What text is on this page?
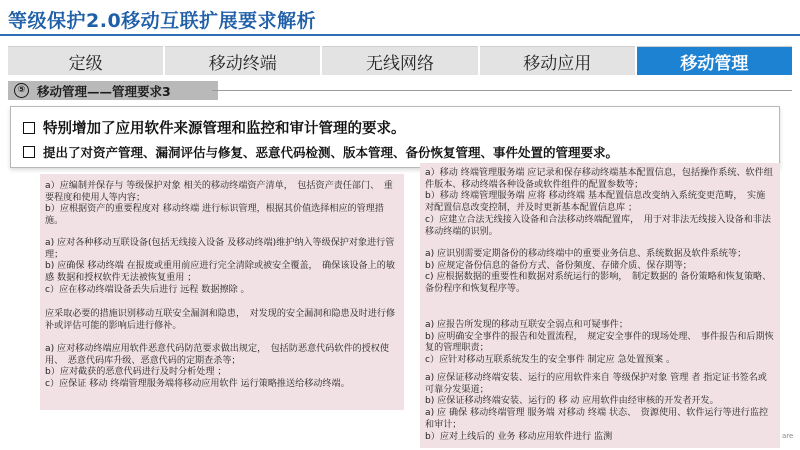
等级保护2.0移动互联扩展要求解析
定级	移动终端	无线网络	移动应用	移动管理
⑤ 移动管理——管理要求3
特别增加了应用软件来源管理和监控和审计管理的要求。
提出了对资产管理、漏洞评估与修复、恶意代码检测、版本管理、备份恢复管理、事件处置的管理要求。
a）应编制并保存与 等级保护对象 相关的移动终端资产清单，　包括资产责任部门、　重要程度和使用人等内容；
b）应根据资产的重要程度对 移动终端 进行标识管理，根据其价值选择相应的管理措施。
a) 应对各种移动互联设备(包括无线接入设备 及移动终端)维护纳入等级保护对象进行管理；
b) 应确保 移动终端 在报废或重用前应进行完全清除或被安全覆盖，　确保该设备上的敏感 数据和授权软件无法被恢复重用 ；
c）应在移动终端设备丢失后进行 远程 数据擦除 。
应采取必要的措施识别移动互联安全漏洞和隐患，　对发现的安全漏洞和隐患及时进行修补或评估可能的影响后进行修补。
a) 应对移动终端应用软件恶意代码防范要求做出规定，　包括防恶意代码软件的授权使用、　恶意代码库升级、恶意代码的定期查杀等；
b）应对截获的恶意代码进行及时分析处理 ；
c）应保证 移动 终端管理服务端将移动应用软件 运行策略推送给移动终端。
a）移动 终端管理服务端 应记录和保存移动终端基本配置信息，包括操作系统、软件组件版本、移动终端各种设备或软件组件的配置参数等；
b）移动 终端管理服务端 应将 移动终端 基本配置信息改变纳入系统变更范畴，　实施 对配置信息改变控制，并及时更新基本配置信息库 ；
c）应建立合法无线接入设备和合法移动终端配置库，　用于对非法无线接入设备和非法移动终端的识别。
a) 应识别需要定期备份的移动终端中的重要业务信息、系统数据及软件系统等；
b) 应规定备份信息的备份方式、备份频度、存储介质、保存期等；
c) 应根据数据的重要性和数据对系统运行的影响，　制定数据的 备份策略和恢复策略、　备份程序和恢复程序等。
a) 应报告所发现的移动互联安全弱点和可疑事件；
b) 应明确安全事件的报告和处置流程，　规定安全事件的现场处理、　事件报告和后期恢复的管理职责；
c）应针对移动互联系统发生的安全事件 制定应 急处置预案 。
a) 应保证移动终端安装、运行的应用软件来自 等级保护对象 管理 者 指定证书签名或可靠分发渠道；
b) 应保证移动终端安装、运行的 移 动 应用软件由经审核的开发者开发。
a) 应 确保 移动终端管理 服务端 对移动 终端 状态、　资源使用、软件运行等进行监控和审计；
b）应对上线后的 业务 移动应用软件进行 监测	are
